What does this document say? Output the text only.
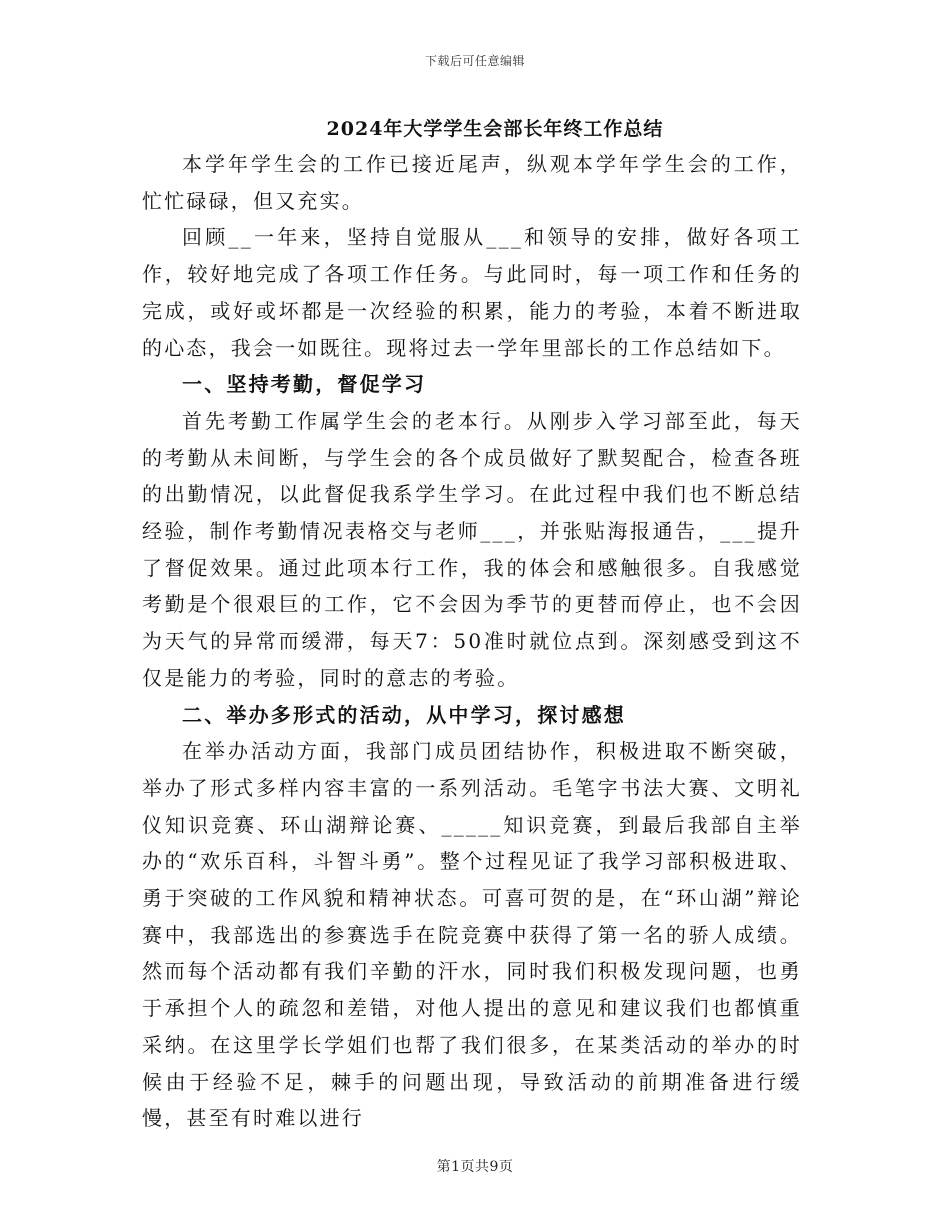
下载后可任意编辑
2024年大学学生会部长年终工作总结

本学年学生会的工作已接近尾声，纵观本学年学生会的工作，忙忙碌碌，但又充实。

回顾__一年来，坚持自觉服从___和领导的安排，做好各项工作，较好地完成了各项工作任务。与此同时，每一项工作和任务的完成，或好或坏都是一次经验的积累，能力的考验，本着不断进取的心态，我会一如既往。现将过去一学年里部长的工作总结如下。

一、坚持考勤，督促学习

首先考勤工作属学生会的老本行。从刚步入学习部至此，每天的考勤从未间断，与学生会的各个成员做好了默契配合，检查各班的出勤情况，以此督促我系学生学习。在此过程中我们也不断总结经验，制作考勤情况表格交与老师___，并张贴海报通告，___提升了督促效果。通过此项本行工作，我的体会和感触很多。自我感觉考勤是个很艰巨的工作，它不会因为季节的更替而停止，也不会因为天气的异常而缓滞，每天7：50准时就位点到。深刻感受到这不仅是能力的考验，同时的意志的考验。

二、举办多形式的活动，从中学习，探讨感想

在举办活动方面，我部门成员团结协作，积极进取不断突破，举办了形式多样内容丰富的一系列活动。毛笔字书法大赛、文明礼仪知识竞赛、环山湖辩论赛、_____知识竞赛，到最后我部自主举办的“欢乐百科，斗智斗勇”。整个过程见证了我学习部积极进取、勇于突破的工作风貌和精神状态。可喜可贺的是，在“环山湖”辩论赛中，我部选出的参赛选手在院竞赛中获得了第一名的骄人成绩。然而每个活动都有我们辛勤的汗水，同时我们积极发现问题，也勇于承担个人的疏忽和差错，对他人提出的意见和建议我们也都慎重采纳。在这里学长学姐们也帮了我们很多，在某类活动的举办的时候由于经验不足，棘手的问题出现，导致活动的前期准备进行缓慢，甚至有时难以进行

第1页共9页
